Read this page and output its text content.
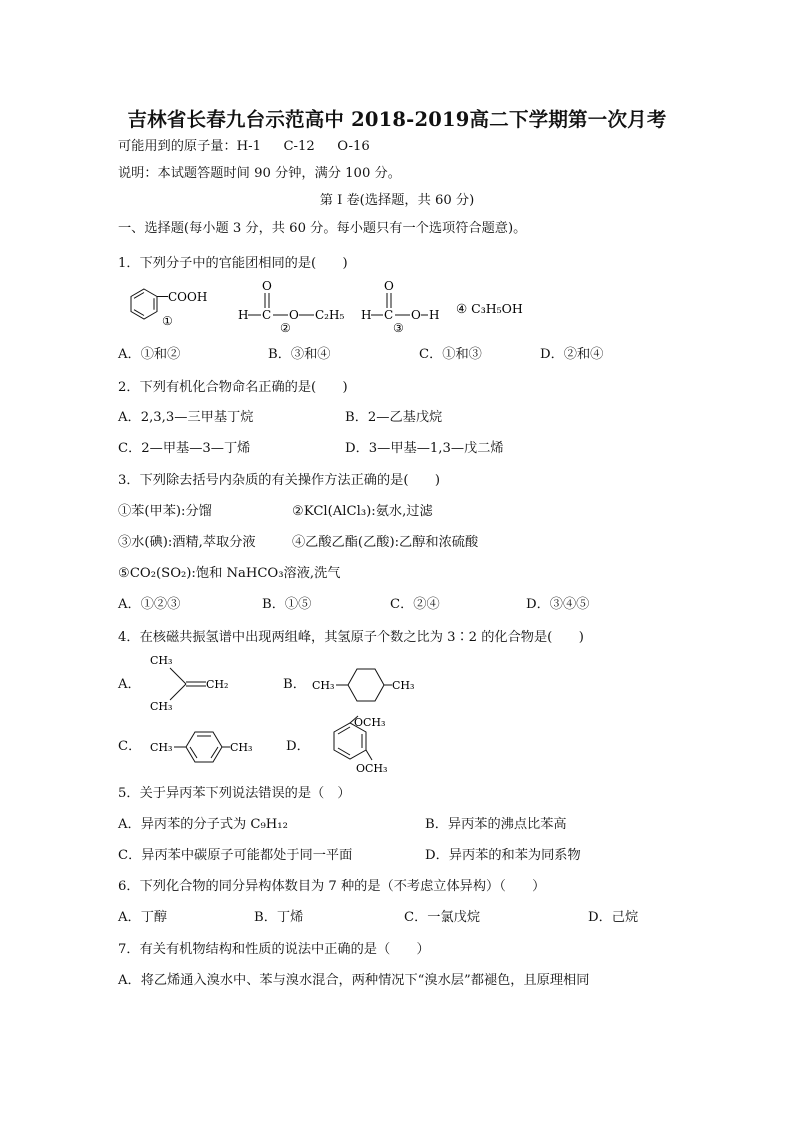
吉林省长春九台示范高中 2018-2019高二下学期第一次月考
可能用到的原子量：H-1 C-12 O-16
说明：本试题答题时间 90 分钟，满分 100 分。
第 I 卷(选择题，共 60 分)
一、选择题(每小题 3 分，共 60 分。每小题只有一个选项符合题意)。
1．下列分子中的官能团相同的是(　　)
COOH
①
O
H C O C₂H₅
②
O
H C O H
③
④ C₃H₅OH
A．①和②	B．③和④	C．①和③	D．②和④
2．下列有机化合物命名正确的是(　　)
A．2,3,3—三甲基丁烷	B．2—乙基戊烷
C．2—甲基—3—丁烯	D．3—甲基—1,3—戊二烯
3．下列除去括号内杂质的有关操作方法正确的是(　　)
①苯(甲苯):分馏	②KCl(AlCl₃):氨水,过滤
③水(碘):酒精,萃取分液	④乙酸乙酯(乙酸):乙醇和浓硫酸
⑤CO₂(SO₂):饱和 NaHCO₃溶液,洗气
A．①②③	B．①⑤	C．②④	D．③④⑤
4．在核磁共振氢谱中出现两组峰，其氢原子个数之比为 3∶2 的化合物是(　　)
A．
CH₃
CH₃
CH₂	B． CH₃	CH₃
C． CH₃	CH₃	D．
OCH₃
OCH₃
5．关于异丙苯下列说法错误的是（　）
A．异丙苯的分子式为 C₉H₁₂	B．异丙苯的沸点比苯高
C．异丙苯中碳原子可能都处于同一平面	D．异丙苯的和苯为同系物
6．下列化合物的同分异构体数目为 7 种的是（不考虑立体异构）（　　）
A．丁醇	B．丁烯	C．一氯戊烷	D．己烷
7．有关有机物结构和性质的说法中正确的是（　　）
A．将乙烯通入溴水中、苯与溴水混合，两种情况下“溴水层”都褪色，且原理相同
